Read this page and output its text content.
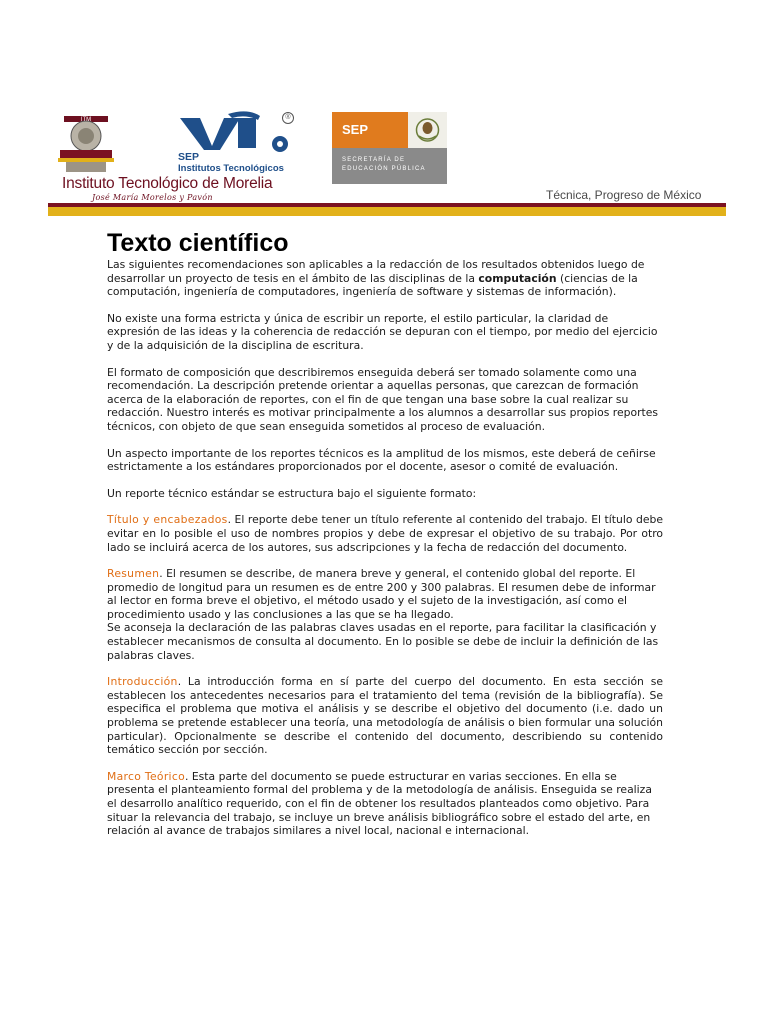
ITM
Instituto Tecnológico de Morelia
José María Morelos y Pavón
SEP
Institutos Tecnológicos
®
SEP
SECRETARÍA DE
EDUCACIÓN PÚBLICA
Técnica, Progreso de México
Texto científico

Las siguientes recomendaciones son aplicables a la redacción de los resultados obtenidos luego de desarrollar un proyecto de tesis en el ámbito de las disciplinas de la computación (ciencias de la computación, ingeniería de computadores, ingeniería de software y sistemas de información).

No existe una forma estricta y única de escribir un reporte, el estilo particular, la claridad de expresión de las ideas y la coherencia de redacción se depuran con el tiempo, por medio del ejercicio y de la adquisición de la disciplina de escritura.

El formato de composición que describiremos enseguida deberá ser tomado solamente como una recomendación. La descripción pretende orientar a aquellas personas, que carezcan de formación acerca de la elaboración de reportes, con el fin de que tengan una base sobre la cual realizar su redacción. Nuestro interés es motivar principalmente a los alumnos a desarrollar sus propios reportes técnicos, con objeto de que sean enseguida sometidos al proceso de evaluación.

Un aspecto importante de los reportes técnicos es la amplitud de los mismos, este deberá de ceñirse estrictamente a los estándares proporcionados por el docente, asesor o comité de evaluación.

Un reporte técnico estándar se estructura bajo el siguiente formato:

Título y encabezados. El reporte debe tener un título referente al contenido del trabajo. El título debe evitar en lo posible el uso de nombres propios y debe de expresar el objetivo de su trabajo. Por otro lado se incluirá acerca de los autores, sus adscripciones y la fecha de redacción del documento.

Resumen. El resumen se describe, de manera breve y general, el contenido global del reporte. El promedio de longitud para un resumen es de entre 200 y 300 palabras. El resumen debe de informar al lector en forma breve el objetivo, el método usado y el sujeto de la investigación, así como el procedimiento usado y las conclusiones a las que se ha llegado.
Se aconseja la declaración de las palabras claves usadas en el reporte, para facilitar la clasificación y establecer mecanismos de consulta al documento. En lo posible se debe de incluir la definición de las palabras claves.

Introducción. La introducción forma en sí parte del cuerpo del documento. En esta sección se establecen los antecedentes necesarios para el tratamiento del tema (revisión de la bibliografía). Se especifica el problema que motiva el análisis y se describe el objetivo del documento (i.e. dado un problema se pretende establecer una teoría, una metodología de análisis o bien formular una solución particular). Opcionalmente se describe el contenido del documento, describiendo su contenido temático sección por sección.

Marco Teórico. Esta parte del documento se puede estructurar en varias secciones. En ella se presenta el planteamiento formal del problema y de la metodología de análisis. Enseguida se realiza el desarrollo analítico requerido, con el fin de obtener los resultados planteados como objetivo. Para situar la relevancia del trabajo, se incluye un breve análisis bibliográfico sobre el estado del arte, en relación al avance de trabajos similares a nivel local, nacional e internacional.
